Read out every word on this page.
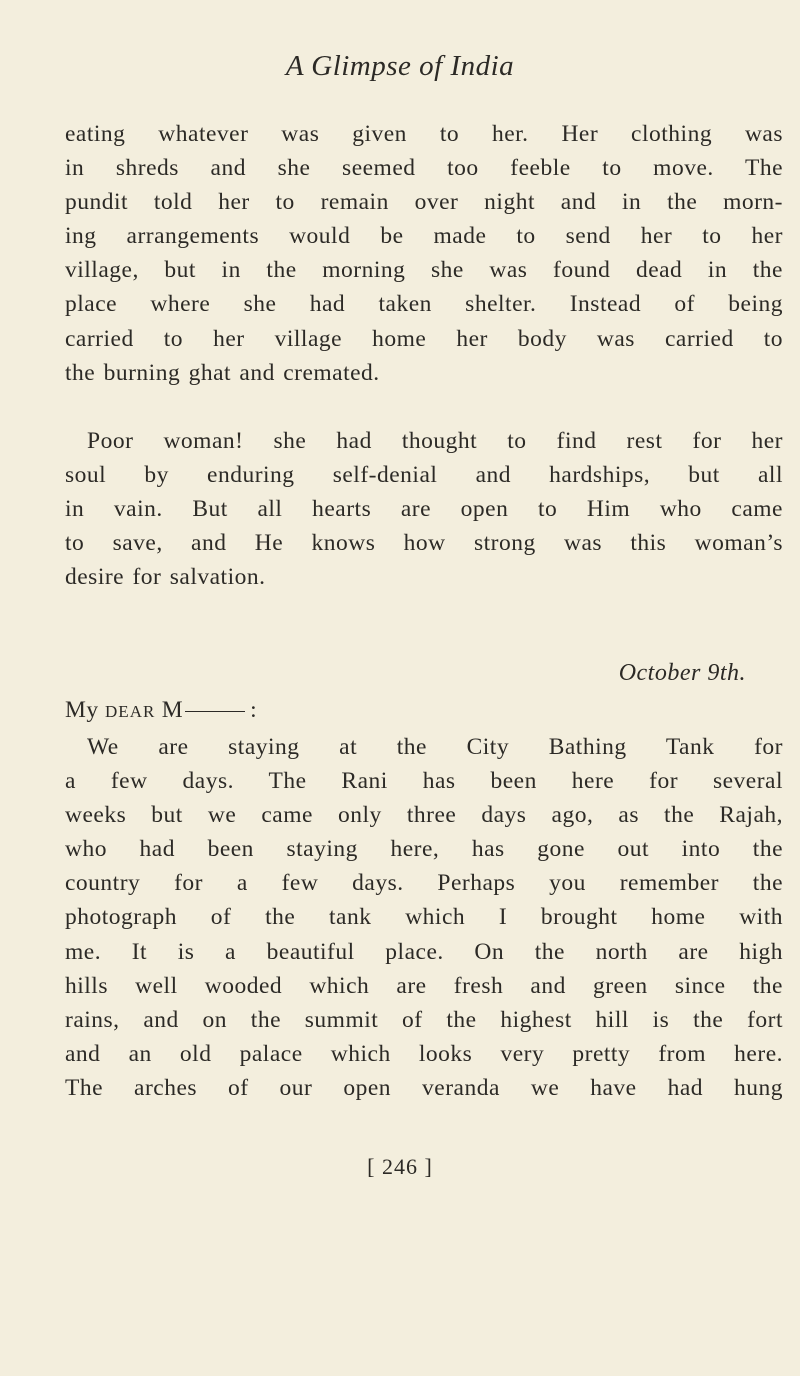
A Glimpse of India
eating whatever was given to her. Her clothing was
in shreds and she seemed too feeble to move. The
pundit told her to remain over night and in the morn-
ing arrangements would be made to send her to her
village, but in the morning she was found dead in the
place where she had taken shelter. Instead of being
carried to her village home her body was carried to
the burning ghat and cremated.
Poor woman! she had thought to find rest for her
soul by enduring self-denial and hardships, but all
in vain. But all hearts are open to Him who came
to save, and He knows how strong was this woman’s
desire for salvation.
October 9th.
My DEAR M	:
We are staying at the City Bathing Tank for
a few days. The Rani has been here for several
weeks but we came only three days ago, as the Rajah,
who had been staying here, has gone out into the
country for a few days. Perhaps you remember the
photograph of the tank which I brought home with
me. It is a beautiful place. On the north are high
hills well wooded which are fresh and green since the
rains, and on the summit of the highest hill is the fort
and an old palace which looks very pretty from here.
The arches of our open veranda we have had hung
[ 246 ]
